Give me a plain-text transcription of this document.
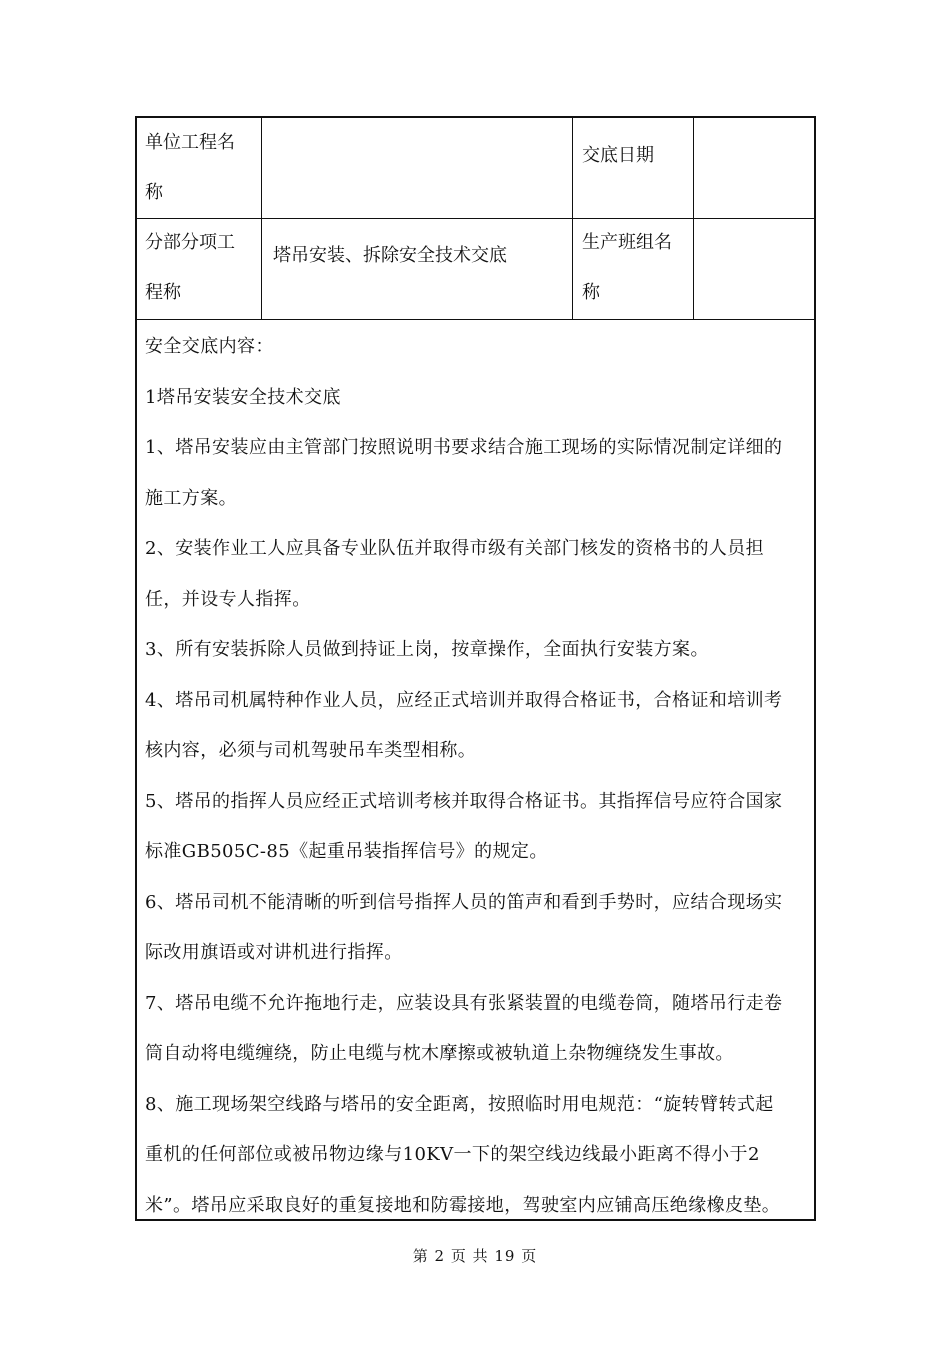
单位工程名
称
交底日期
分部分项工
程称
塔吊安装、拆除安全技术交底
生产班组名
称
安全交底内容：
1塔吊安装安全技术交底
1、塔吊安装应由主管部门按照说明书要求结合施工现场的实际情况制定详细的
施工方案。
2、安装作业工人应具备专业队伍并取得市级有关部门核发的资格书的人员担
任，并设专人指挥。
3、所有安装拆除人员做到持证上岗，按章操作，全面执行安装方案。
4、塔吊司机属特种作业人员，应经正式培训并取得合格证书，合格证和培训考
核内容，必须与司机驾驶吊车类型相称。
5、塔吊的指挥人员应经正式培训考核并取得合格证书。其指挥信号应符合国家
标准GB505C-85《起重吊装指挥信号》的规定。
6、塔吊司机不能清晰的听到信号指挥人员的笛声和看到手势时，应结合现场实
际改用旗语或对讲机进行指挥。
7、塔吊电缆不允许拖地行走，应装设具有张紧装置的电缆卷筒，随塔吊行走卷
筒自动将电缆缠绕，防止电缆与枕木摩擦或被轨道上杂物缠绕发生事故。
8、施工现场架空线路与塔吊的安全距离，按照临时用电规范：“旋转臂转式起
重机的任何部位或被吊物边缘与10KV一下的架空线边线最小距离不得小于2
米”。塔吊应采取良好的重复接地和防霉接地，驾驶室内应铺高压绝缘橡皮垫。
第 2 页 共 19 页
